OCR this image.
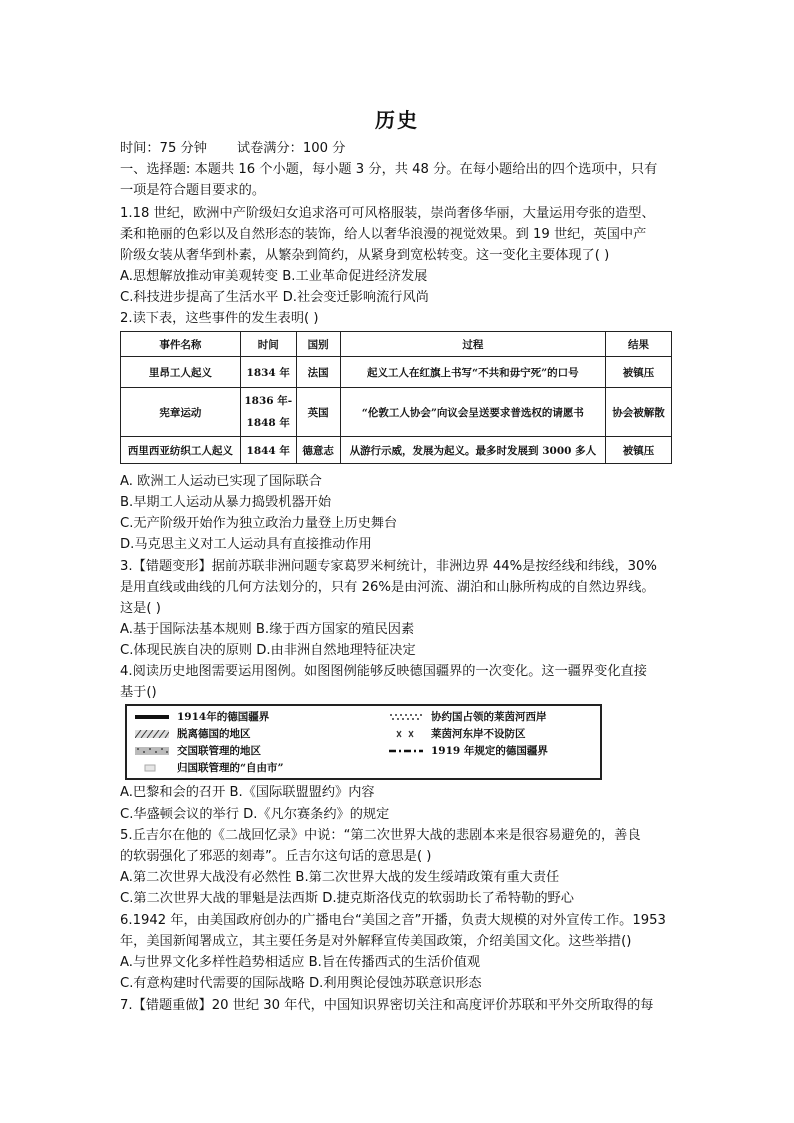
历史
时间：75 分钟 试卷满分：100 分
一、选择题: 本题共 16 个小题，每小题 3 分，共 48 分。在每小题给出的四个选项中，只有
一项是符合题目要求的。
1.18 世纪，欧洲中产阶级妇女追求洛可可风格服装，崇尚奢侈华丽，大量运用夸张的造型、
柔和艳丽的色彩以及自然形态的装饰，给人以奢华浪漫的视觉效果。到 19 世纪，英国中产
阶级女装从奢华到朴素，从繁杂到简约，从紧身到宽松转变。这一变化主要体现了( )
A.思想解放推动审美观转变 B.工业革命促进经济发展
C.科技进步提高了生活水平 D.社会变迁影响流行风尚
2.读下表，这些事件的发生表明( )
事件名称	时间	国别	过程	结果
里昂工人起义	1834 年	法国	起义工人在红旗上书写“不共和毋宁死”的口号	被镇压
宪章运动	1836 年-
1848 年	英国	“伦敦工人协会”向议会呈送要求普选权的请愿书	协会被解散
西里西亚纺织工人起义	1844 年	德意志	从游行示威，发展为起义。最多时发展到 3000 多人	被镇压
A. 欧洲工人运动已实现了国际联合
B.早期工人运动从暴力捣毁机器开始
C.无产阶级开始作为独立政治力量登上历史舞台
D.马克思主义对工人运动具有直接推动作用
3.【错题变形】据前苏联非洲问题专家葛罗米柯统计，非洲边界 44%是按经线和纬线，30%
是用直线或曲线的几何方法划分的，只有 26%是由河流、湖泊和山脉所构成的自然边界线。
这是( )
A.基于国际法基本规则 B.缘于西方国家的殖民因素
C.体现民族自决的原则 D.由非洲自然地理特征决定
4.阅读历史地图需要运用图例。如图图例能够反映德国疆界的一次变化。这一疆界变化直接
基于()
1914年的德国疆界
脱离德国的地区
交国联管理的地区
归国联管理的“自由市”
协约国占领的莱茵河西岸
莱茵河东岸不设防区
1919 年规定的德国疆界
A.巴黎和会的召开 B.《国际联盟盟约》内容
C.华盛顿会议的举行 D.《凡尔赛条约》的规定
5.丘吉尔在他的《二战回忆录》中说：“第二次世界大战的悲剧本来是很容易避免的，善良
的软弱强化了邪恶的刻毒”。丘吉尔这句话的意思是( )
A.第二次世界大战没有必然性 B.第二次世界大战的发生绥靖政策有重大责任
C.第二次世界大战的罪魁是法西斯 D.捷克斯洛伐克的软弱助长了希特勒的野心
6.1942 年，由美国政府创办的广播电台“美国之音”开播，负责大规模的对外宣传工作。1953
年，美国新闻署成立，其主要任务是对外解释宣传美国政策，介绍美国文化。这些举措()
A.与世界文化多样性趋势相适应 B.旨在传播西式的生活价值观
C.有意构建时代需要的国际战略 D.利用舆论侵蚀苏联意识形态
7.【错题重做】20 世纪 30 年代，中国知识界密切关注和高度评价苏联和平外交所取得的每
